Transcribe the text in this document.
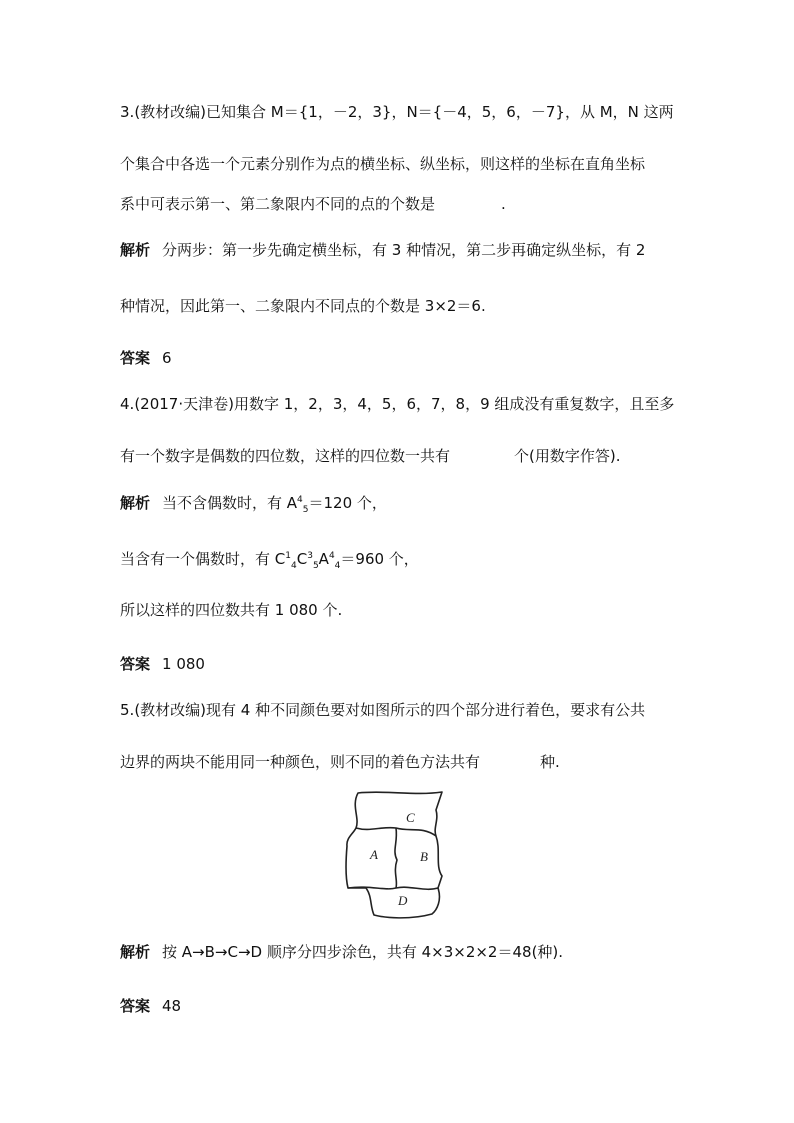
3.(教材改编)已知集合 M＝{1，－2，3}，N＝{－4，5，6，－7}，从 M，N 这两
个集合中各选一个元素分别作为点的横坐标、纵坐标，则这样的坐标在直角坐标
系中可表示第一、第二象限内不同的点的个数是	.
解析 分两步：第一步先确定横坐标，有 3 种情况，第二步再确定纵坐标，有 2
种情况，因此第一、二象限内不同点的个数是 3×2＝6.
答案 6
4.(2017·天津卷)用数字 1，2，3，4，5，6，7，8，9 组成没有重复数字，且至多
有一个数字是偶数的四位数，这样的四位数一共有	个(用数字作答).
解析 当不含偶数时，有 $A^4_5=120$ 个，
当含有一个偶数时，有 $C^1_4C^3_5A^4_4=960$ 个，
所以这样的四位数共有 1 080 个.
答案 1 080
5.(教材改编)现有 4 种不同颜色要对如图所示的四个部分进行着色，要求有公共
边界的两块不能用同一种颜色，则不同的着色方法共有	种.
C
A	B
D
解析 按 A→B→C→D 顺序分四步涂色，共有 4×3×2×2＝48(种).
答案 48
